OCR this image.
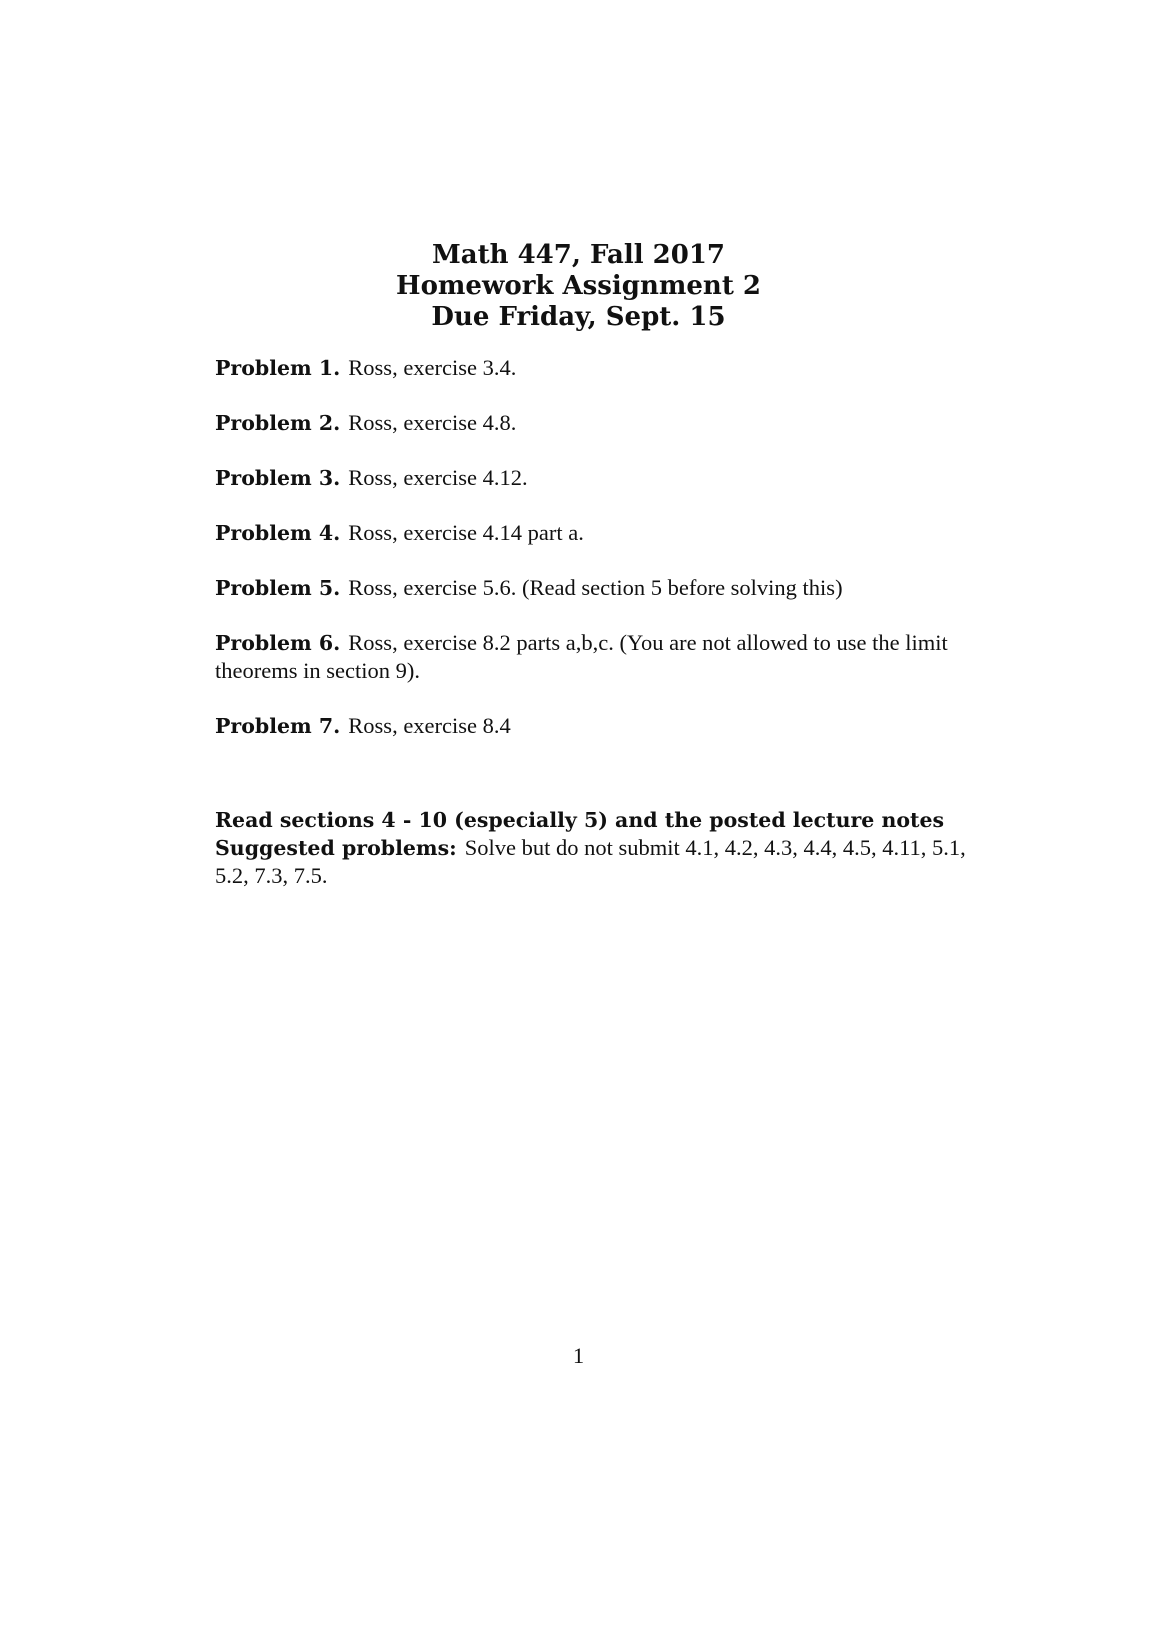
Math 447, Fall 2017
Homework Assignment 2
Due Friday, Sept. 15

Problem 1. Ross, exercise 3.4.

Problem 2. Ross, exercise 4.8.

Problem 3. Ross, exercise 4.12.

Problem 4. Ross, exercise 4.14 part a.

Problem 5. Ross, exercise 5.6. (Read section 5 before solving this)

Problem 6. Ross, exercise 8.2 parts a,b,c. (You are not allowed to use the limit theorems in section 9).

Problem 7. Ross, exercise 8.4

Read sections 4 - 10 (especially 5) and the posted lecture notes
Suggested problems: Solve but do not submit 4.1, 4.2, 4.3, 4.4, 4.5, 4.11, 5.1, 5.2, 7.3, 7.5.
1
